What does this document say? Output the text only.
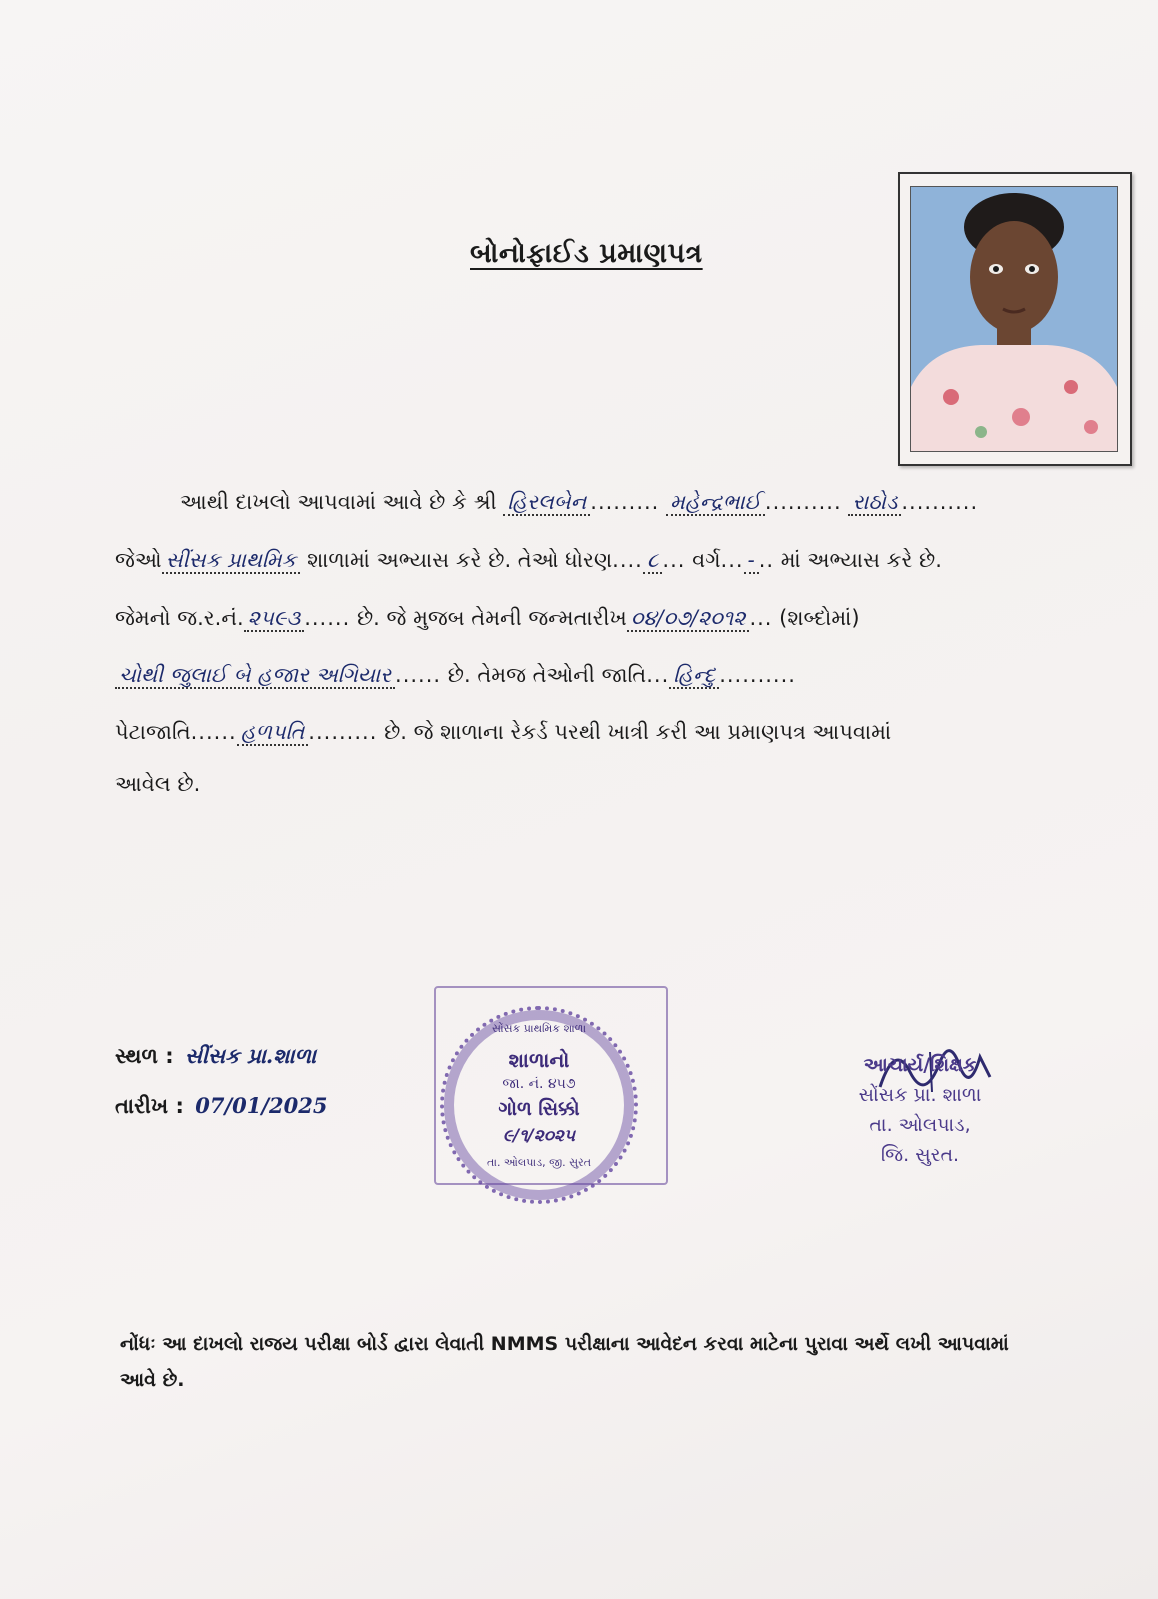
બોનોફાઈડ પ્રમાણપત્ર
આથી દાખલો આપવામાં આવે છે કે શ્રી હિરલબેન ......... મહેન્દ્રભાઈ .......... રાઠોડ ..........
જેઓ સીંસક પ્રાથમિક શાળામાં અભ્યાસ કરે છે. તેઓ ધોરણ.... ૮ ... વર્ગ... - .. માં અભ્યાસ કરે છે.
જેમનો જ.ર.નં. ૨૫૯૩ ...... છે. જે મુજબ તેમની જન્મતારીખ ૦૪/૦૭/૨૦૧૨ ... (શબ્દોમાં)
ચોથી જુલાઈ બે હજાર અગિયાર ...... છે. તેમજ તેઓની જાતિ... હિન્દુ ..........
પેટાજાતિ...... હળપતિ ......... છે. જે શાળાના રેકર્ડ પરથી ખાત્રી કરી આ પ્રમાણપત્ર આપવામાં
આવેલ છે.
સ્થળ : સીંસક પ્રા.શાળા
તારીખ : 07/01/2025
સોંસક પ્રાથમિક શાળા
શાળાનો
જા. નં. ૪૫૭
ગોળ સિક્કો
૯/૧/૨૦૨૫
તા. ઓલપાડ, જી. સુરત
આચાર્ય/શિક્ષક
સોંસક પ્રા. શાળા
તા. ઓલપાડ,
જિ. સુરત.
નોંધઃ આ દાખલો રાજય પરીક્ષા બોર્ડ દ્વારા લેવાતી NMMS પરીક્ષાના આવેદન કરવા માટેના પુરાવા અર્થે લખી આપવામાં આવે છે.
